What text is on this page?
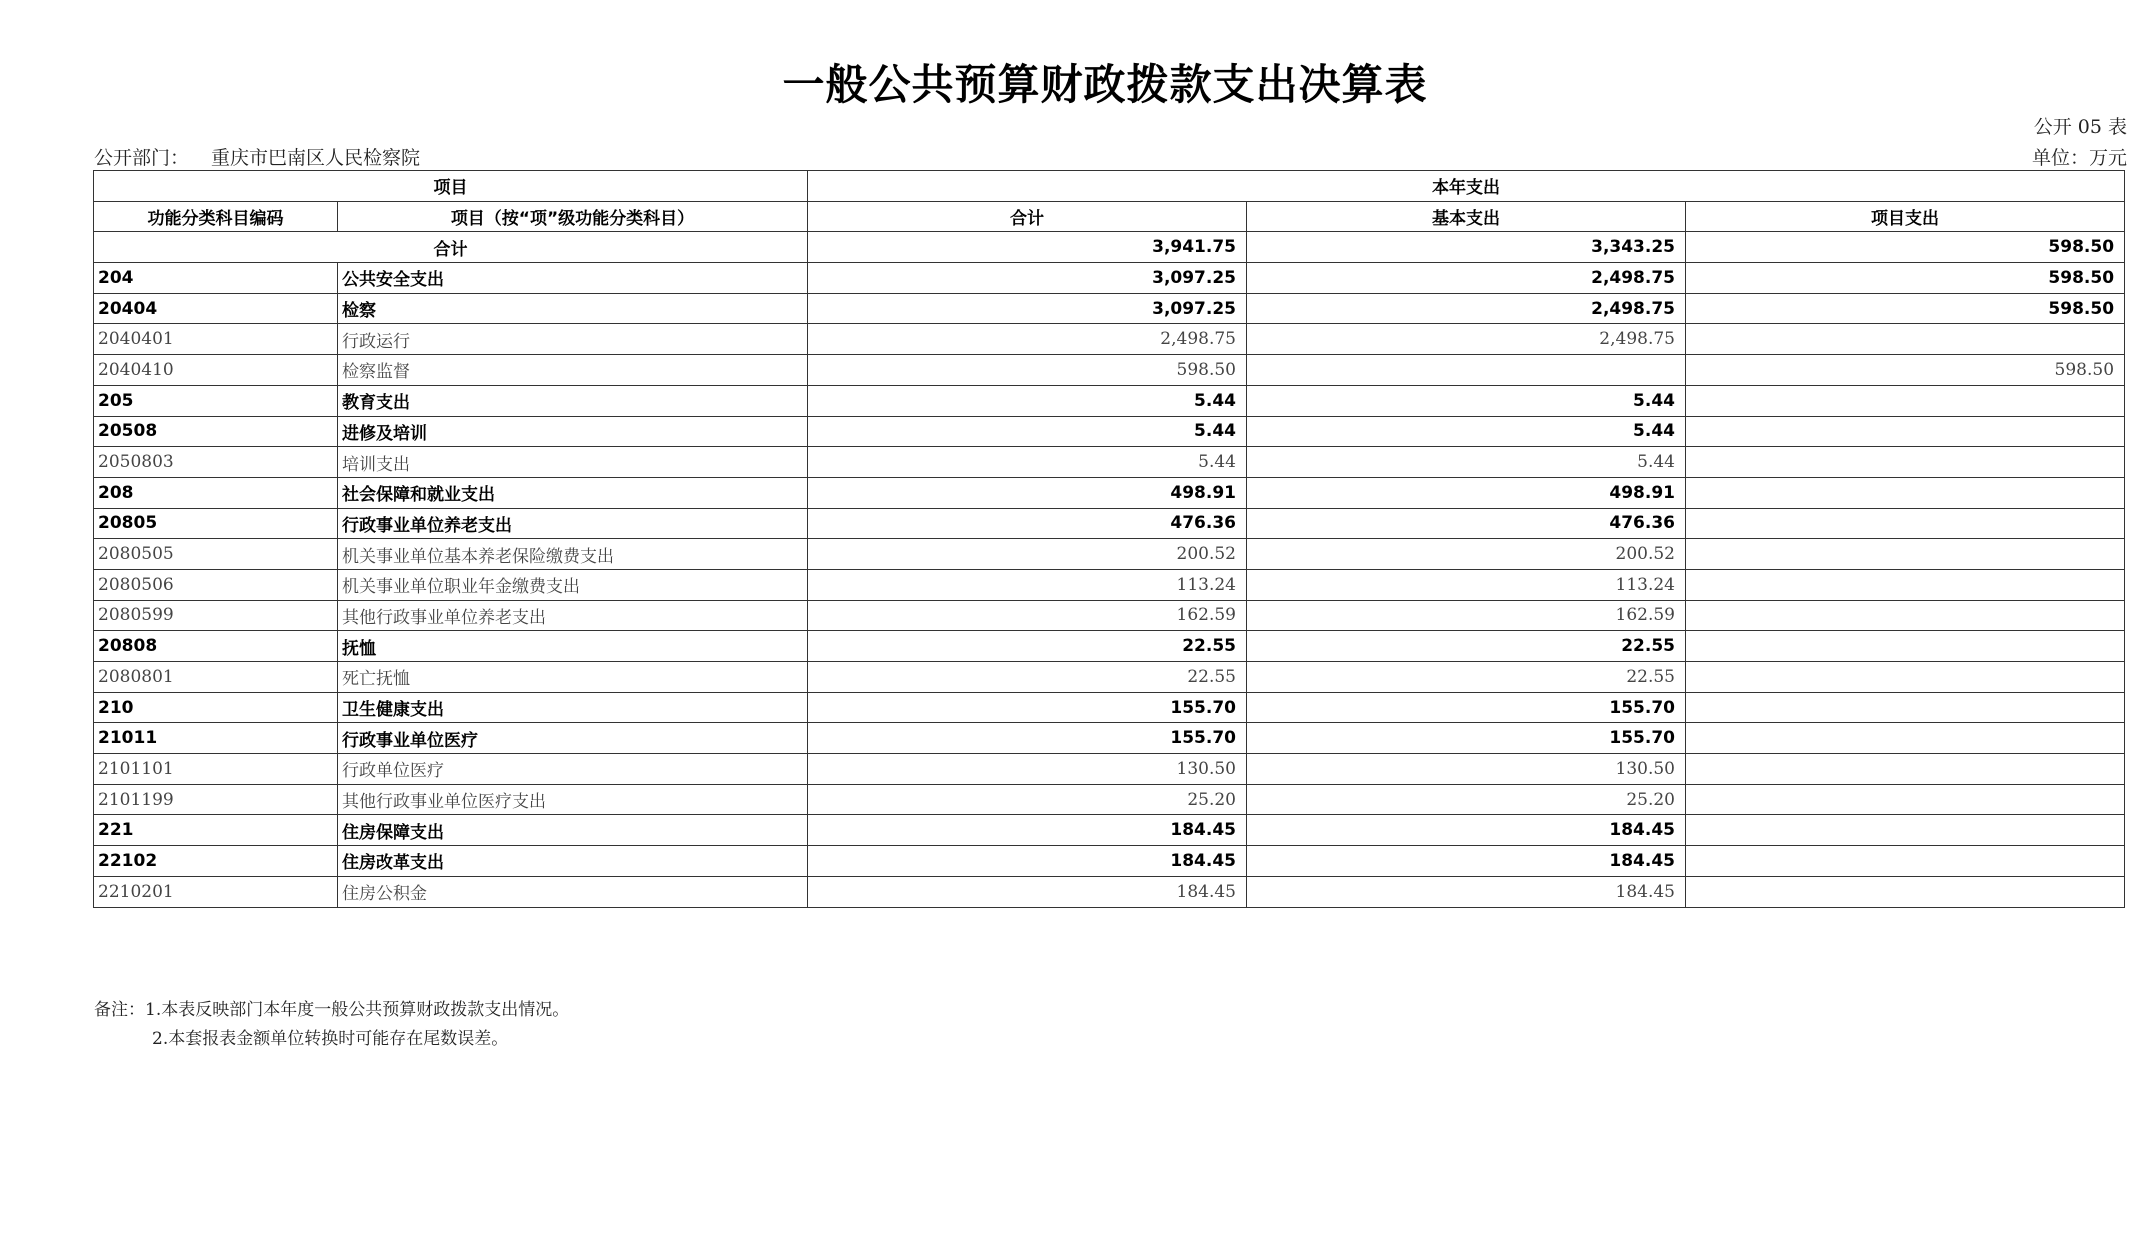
一般公共预算财政拨款支出决算表
公开 05 表
公开部门： 重庆市巴南区人民检察院	单位：万元
项目		本年支出		
功能分类科目编码	项目（按“项”级功能分类科目）	合计	基本支出	项目支出
合计		3,941.75	3,343.25	598.50
204	公共安全支出	3,097.25	2,498.75	598.50
20404	检察	3,097.25	2,498.75	598.50
2040401	行政运行	2,498.75	2,498.75	
2040410	检察监督	598.50		598.50
205	教育支出	5.44	5.44	
20508	进修及培训	5.44	5.44	
2050803	培训支出	5.44	5.44	
208	社会保障和就业支出	498.91	498.91	
20805	行政事业单位养老支出	476.36	476.36	
2080505	机关事业单位基本养老保险缴费支出	200.52	200.52	
2080506	机关事业单位职业年金缴费支出	113.24	113.24	
2080599	其他行政事业单位养老支出	162.59	162.59	
20808	抚恤	22.55	22.55	
2080801	死亡抚恤	22.55	22.55	
210	卫生健康支出	155.70	155.70	
21011	行政事业单位医疗	155.70	155.70	
2101101	行政单位医疗	130.50	130.50	
2101199	其他行政事业单位医疗支出	25.20	25.20	
221	住房保障支出	184.45	184.45	
22102	住房改革支出	184.45	184.45	
2210201	住房公积金	184.45	184.45	
备注：1.本表反映部门本年度一般公共预算财政拨款支出情况。
2.本套报表金额单位转换时可能存在尾数误差。
